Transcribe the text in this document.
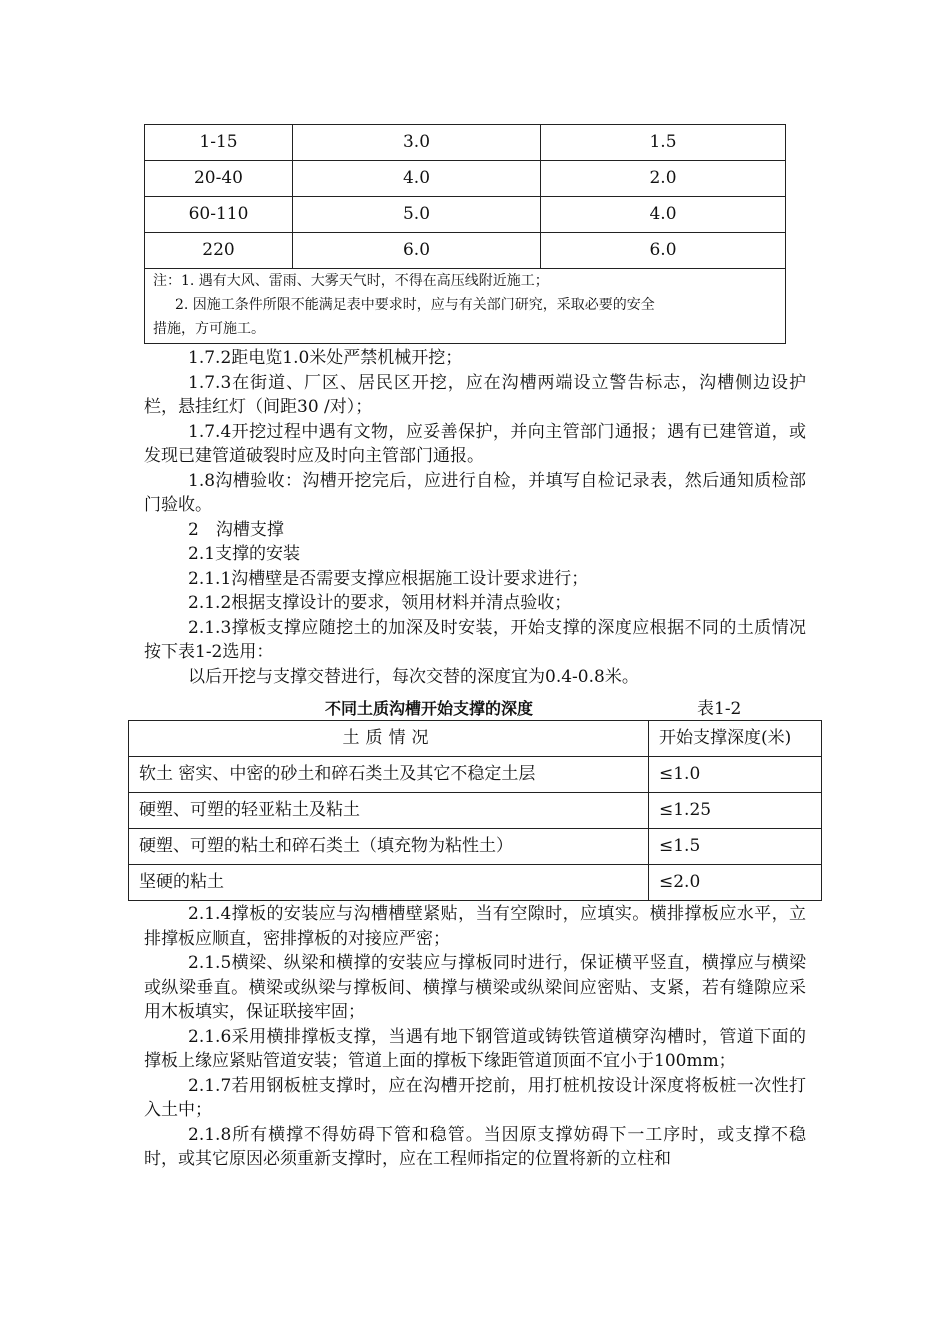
1-15	3.0	1.5
20-40	4.0	2.0
60-110	5.0	4.0
220	6.0	6.0

注：1. 遇有大风、雷雨、大雾天气时，不得在高压线附近施工；
2. 因施工条件所限不能满足表中要求时，应与有关部门研究，采取必要的安全
措施，方可施工。		

1.7.2距电览1.0米处严禁机械开挖；

1.7.3在街道、厂区、居民区开挖，应在沟槽两端设立警告标志，沟槽侧边设护栏，悬挂红灯（间距30 /对）；

1.7.4开挖过程中遇有文物，应妥善保护，并向主管部门通报；遇有已建管道，或发现已建管道破裂时应及时向主管部门通报。

1.8沟槽验收：沟槽开挖完后，应进行自检，并填写自检记录表，然后通知质检部门验收。

2　沟槽支撑

2.1支撑的安装

2.1.1沟槽壁是否需要支撑应根据施工设计要求进行；

2.1.2根据支撑设计的要求，领用材料并清点验收；

2.1.3撑板支撑应随挖土的加深及时安装，开始支撑的深度应根据不同的土质情况按下表1-2选用：

以后开挖与支撑交替进行，每次交替的深度宜为0.4-0.8米。

不同土质沟槽开始支撑的深度	表1-2
土质情况	开始支撑深度(米)
软土 密实、中密的砂土和碎石类土及其它不稳定土层	≤1.0
硬塑、可塑的轻亚粘土及粘土	≤1.25
硬塑、可塑的粘土和碎石类土（填充物为粘性土）	≤1.5
坚硬的粘土	≤2.0

2.1.4撑板的安装应与沟槽槽壁紧贴，当有空隙时，应填实。横排撑板应水平，立排撑板应顺直，密排撑板的对接应严密；

2.1.5横梁、纵梁和横撑的安装应与撑板同时进行，保证横平竖直，横撑应与横梁或纵梁垂直。横梁或纵梁与撑板间、横撑与横梁或纵梁间应密贴、支紧，若有缝隙应采用木板填实，保证联接牢固；

2.1.6采用横排撑板支撑，当遇有地下钢管道或铸铁管道横穿沟槽时，管道下面的撑板上缘应紧贴管道安装；管道上面的撑板下缘距管道顶面不宜小于100mm；

2.1.7若用钢板桩支撑时，应在沟槽开挖前，用打桩机按设计深度将板桩一次性打入土中；

2.1.8所有横撑不得妨碍下管和稳管。当因原支撑妨碍下一工序时，或支撑不稳时，或其它原因必须重新支撑时，应在工程师指定的位置将新的立柱和
